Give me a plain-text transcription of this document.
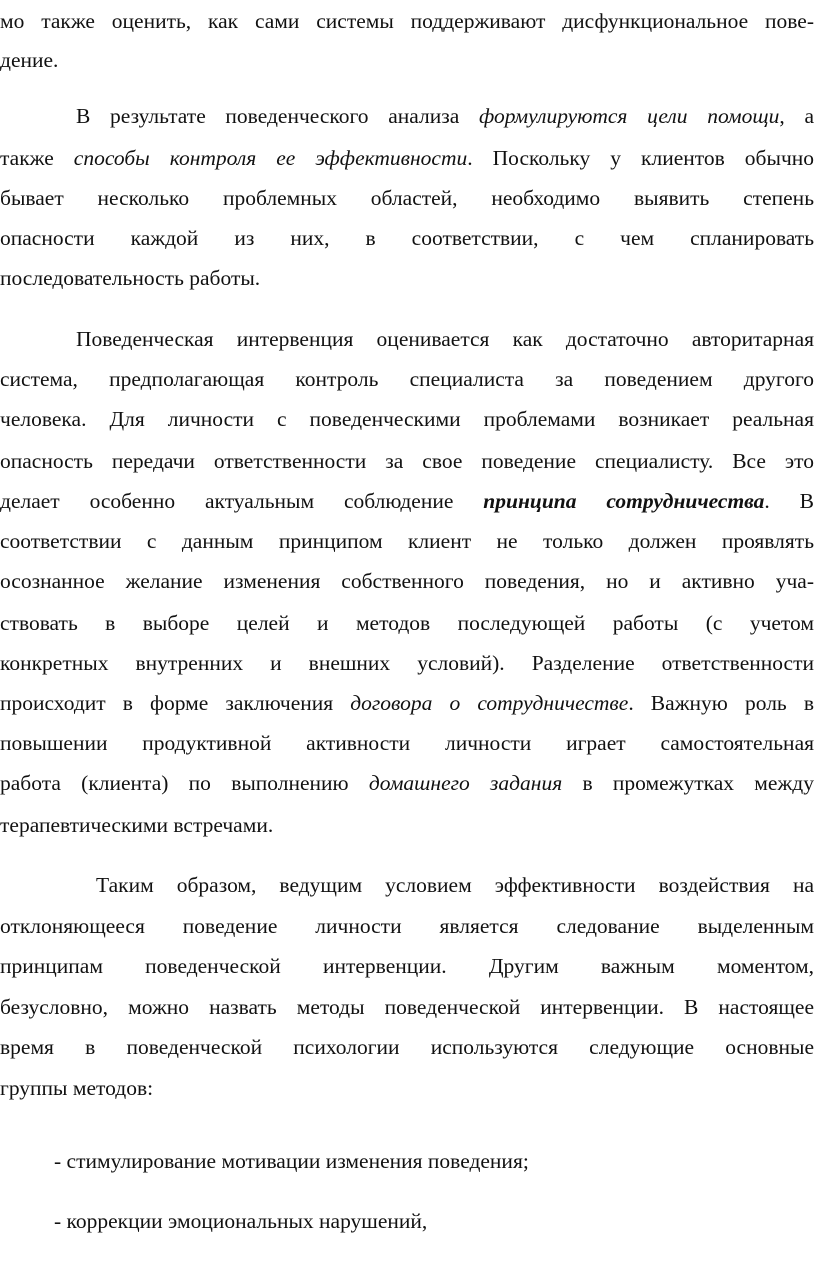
мо также оценить, как сами системы поддерживают дисфункциональное пове-
дение.
В результате поведенческого анализа формулируются цели помощи, а
также способы контроля ее эффективности. Поскольку у клиентов обычно
бывает несколько проблемных областей, необходимо выявить степень
опасности каждой из них, в соответствии, с чем спланировать
последовательность работы.
Поведенческая интервенция оценивается как достаточно авторитарная
система, предполагающая контроль специалиста за поведением другого
человека. Для личности с поведенческими проблемами возникает реальная
опасность передачи ответственности за свое поведение специалисту. Все это
делает особенно актуальным соблюдение принципа сотрудничества. В
соответствии с данным принципом клиент не только должен проявлять
осознанное желание изменения собственного поведения, но и активно уча-
ствовать в выборе целей и методов последующей работы (с учетом
конкретных внутренних и внешних условий). Разделение ответственности
происходит в форме заключения договора о сотрудничестве. Важную роль в
повышении продуктивной активности личности играет самостоятельная
работа (клиента) по выполнению домашнего задания в промежутках между
терапевтическими встречами.
Таким образом, ведущим условием эффективности воздействия на
отклоняющееся поведение личности является следование выделенным
принципам поведенческой интервенции. Другим важным моментом,
безусловно, можно назвать методы поведенческой интервенции. В настоящее
время в поведенческой психологии используются следующие основные
группы методов:
- стимулирование мотивации изменения поведения;
- коррекции эмоциональных нарушений,
